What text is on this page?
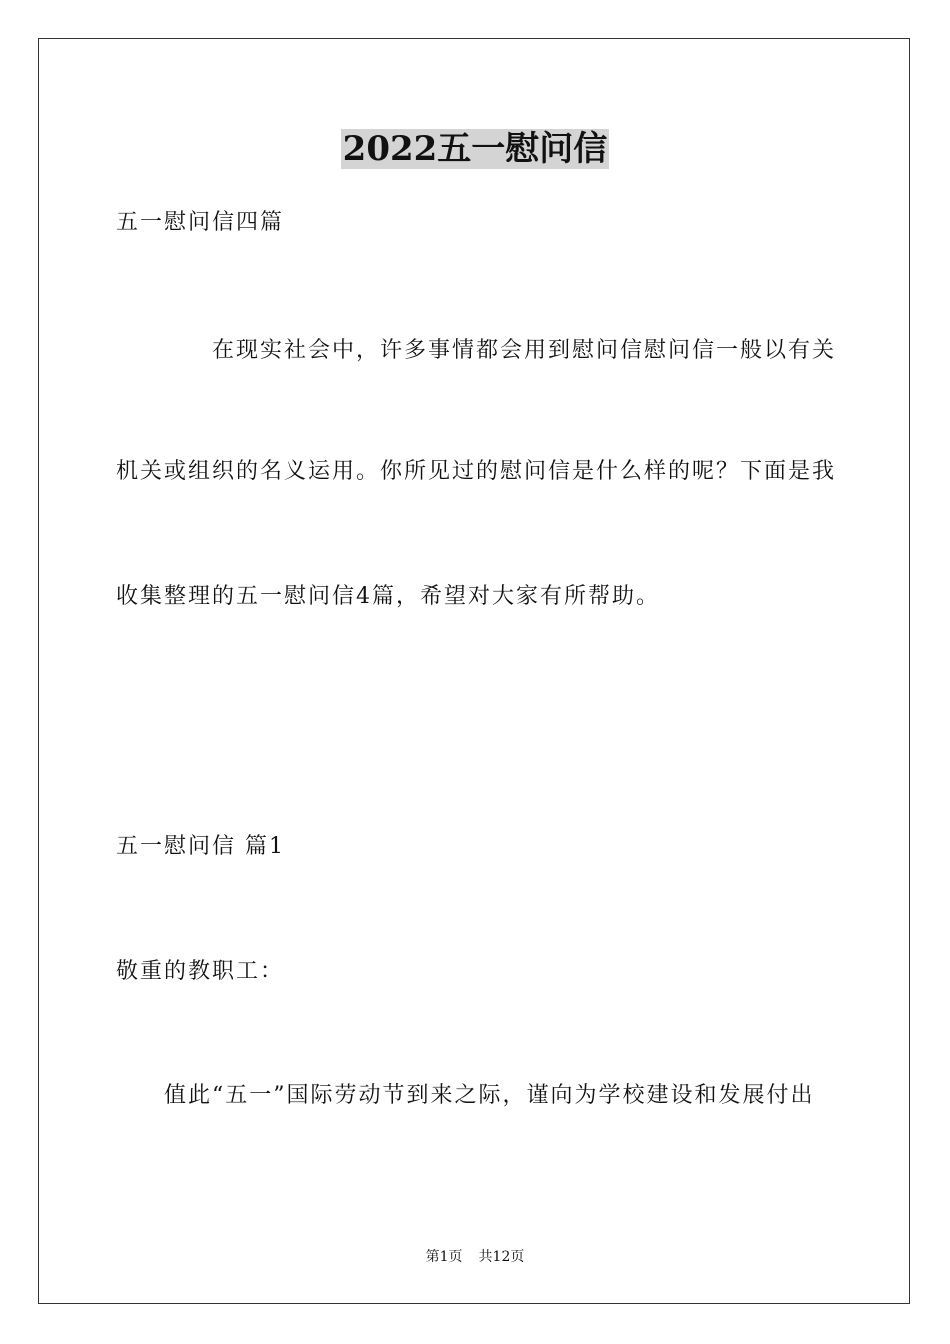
2022五一慰问信
五一慰问信四篇
在现实社会中，许多事情都会用到慰问信慰问信一般以有关
机关或组织的名义运用。你所见过的慰问信是什么样的呢？下面是我
收集整理的五一慰问信4篇，希望对大家有所帮助。
五一慰问信 篇1
敬重的教职工：
值此“五一”国际劳动节到来之际，谨向为学校建设和发展付出
第1页 共12页
